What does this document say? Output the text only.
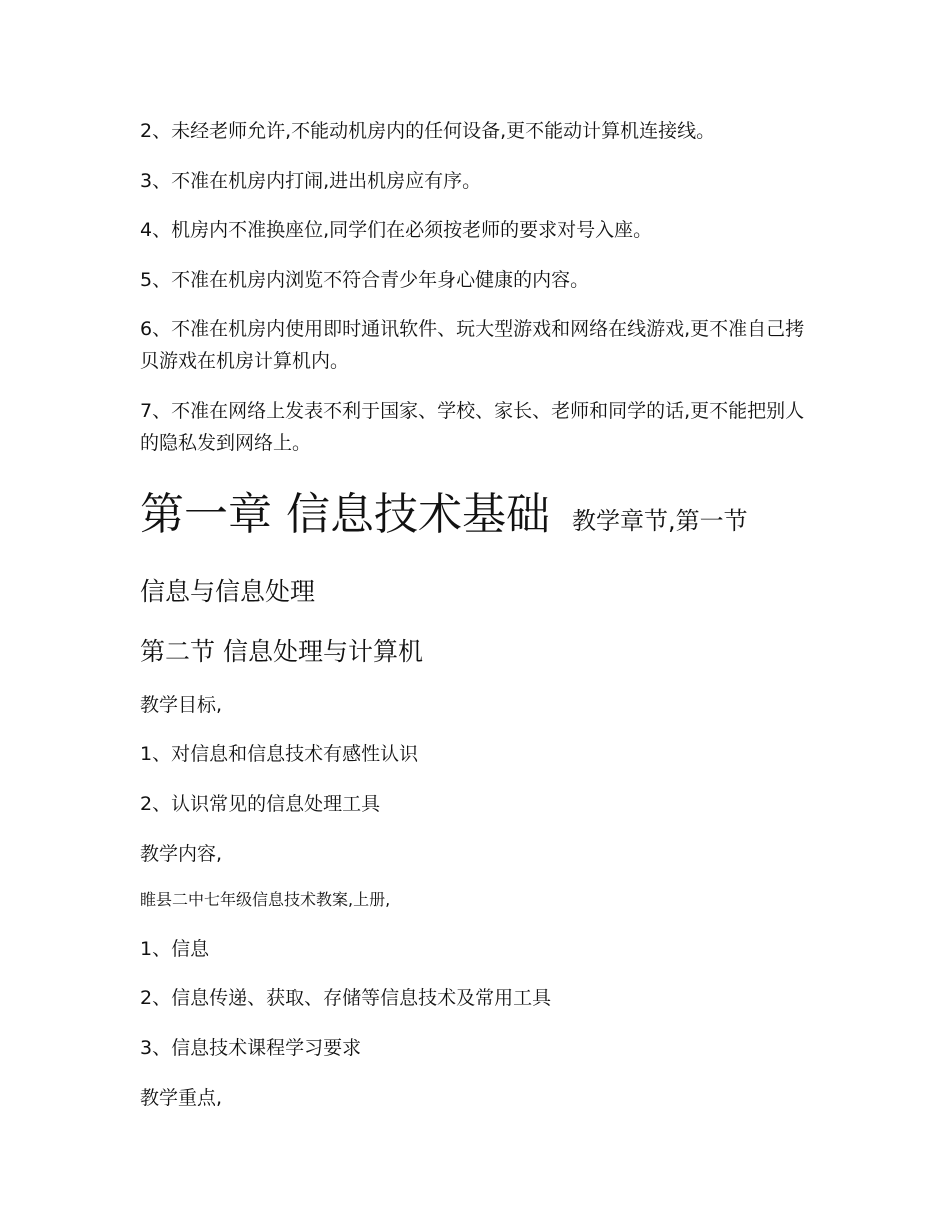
2、未经老师允许,不能动机房内的任何设备,更不能动计算机连接线。
3、不准在机房内打闹,进出机房应有序。
4、机房内不准换座位,同学们在必须按老师的要求对号入座。
5、不准在机房内浏览不符合青少年身心健康的内容。
6、不准在机房内使用即时通讯软件、玩大型游戏和网络在线游戏,更不准自己拷贝游戏在机房计算机内。
7、不准在网络上发表不利于国家、学校、家长、老师和同学的话,更不能把别人的隐私发到网络上。
第一章 信息技术基础 教学章节,第一节
信息与信息处理
第二节 信息处理与计算机
教学目标,
1、对信息和信息技术有感性认识
2、认识常见的信息处理工具
教学内容,
睢县二中七年级信息技术教案,上册,
1、信息
2、信息传递、获取、存储等信息技术及常用工具
3、信息技术课程学习要求
教学重点,
